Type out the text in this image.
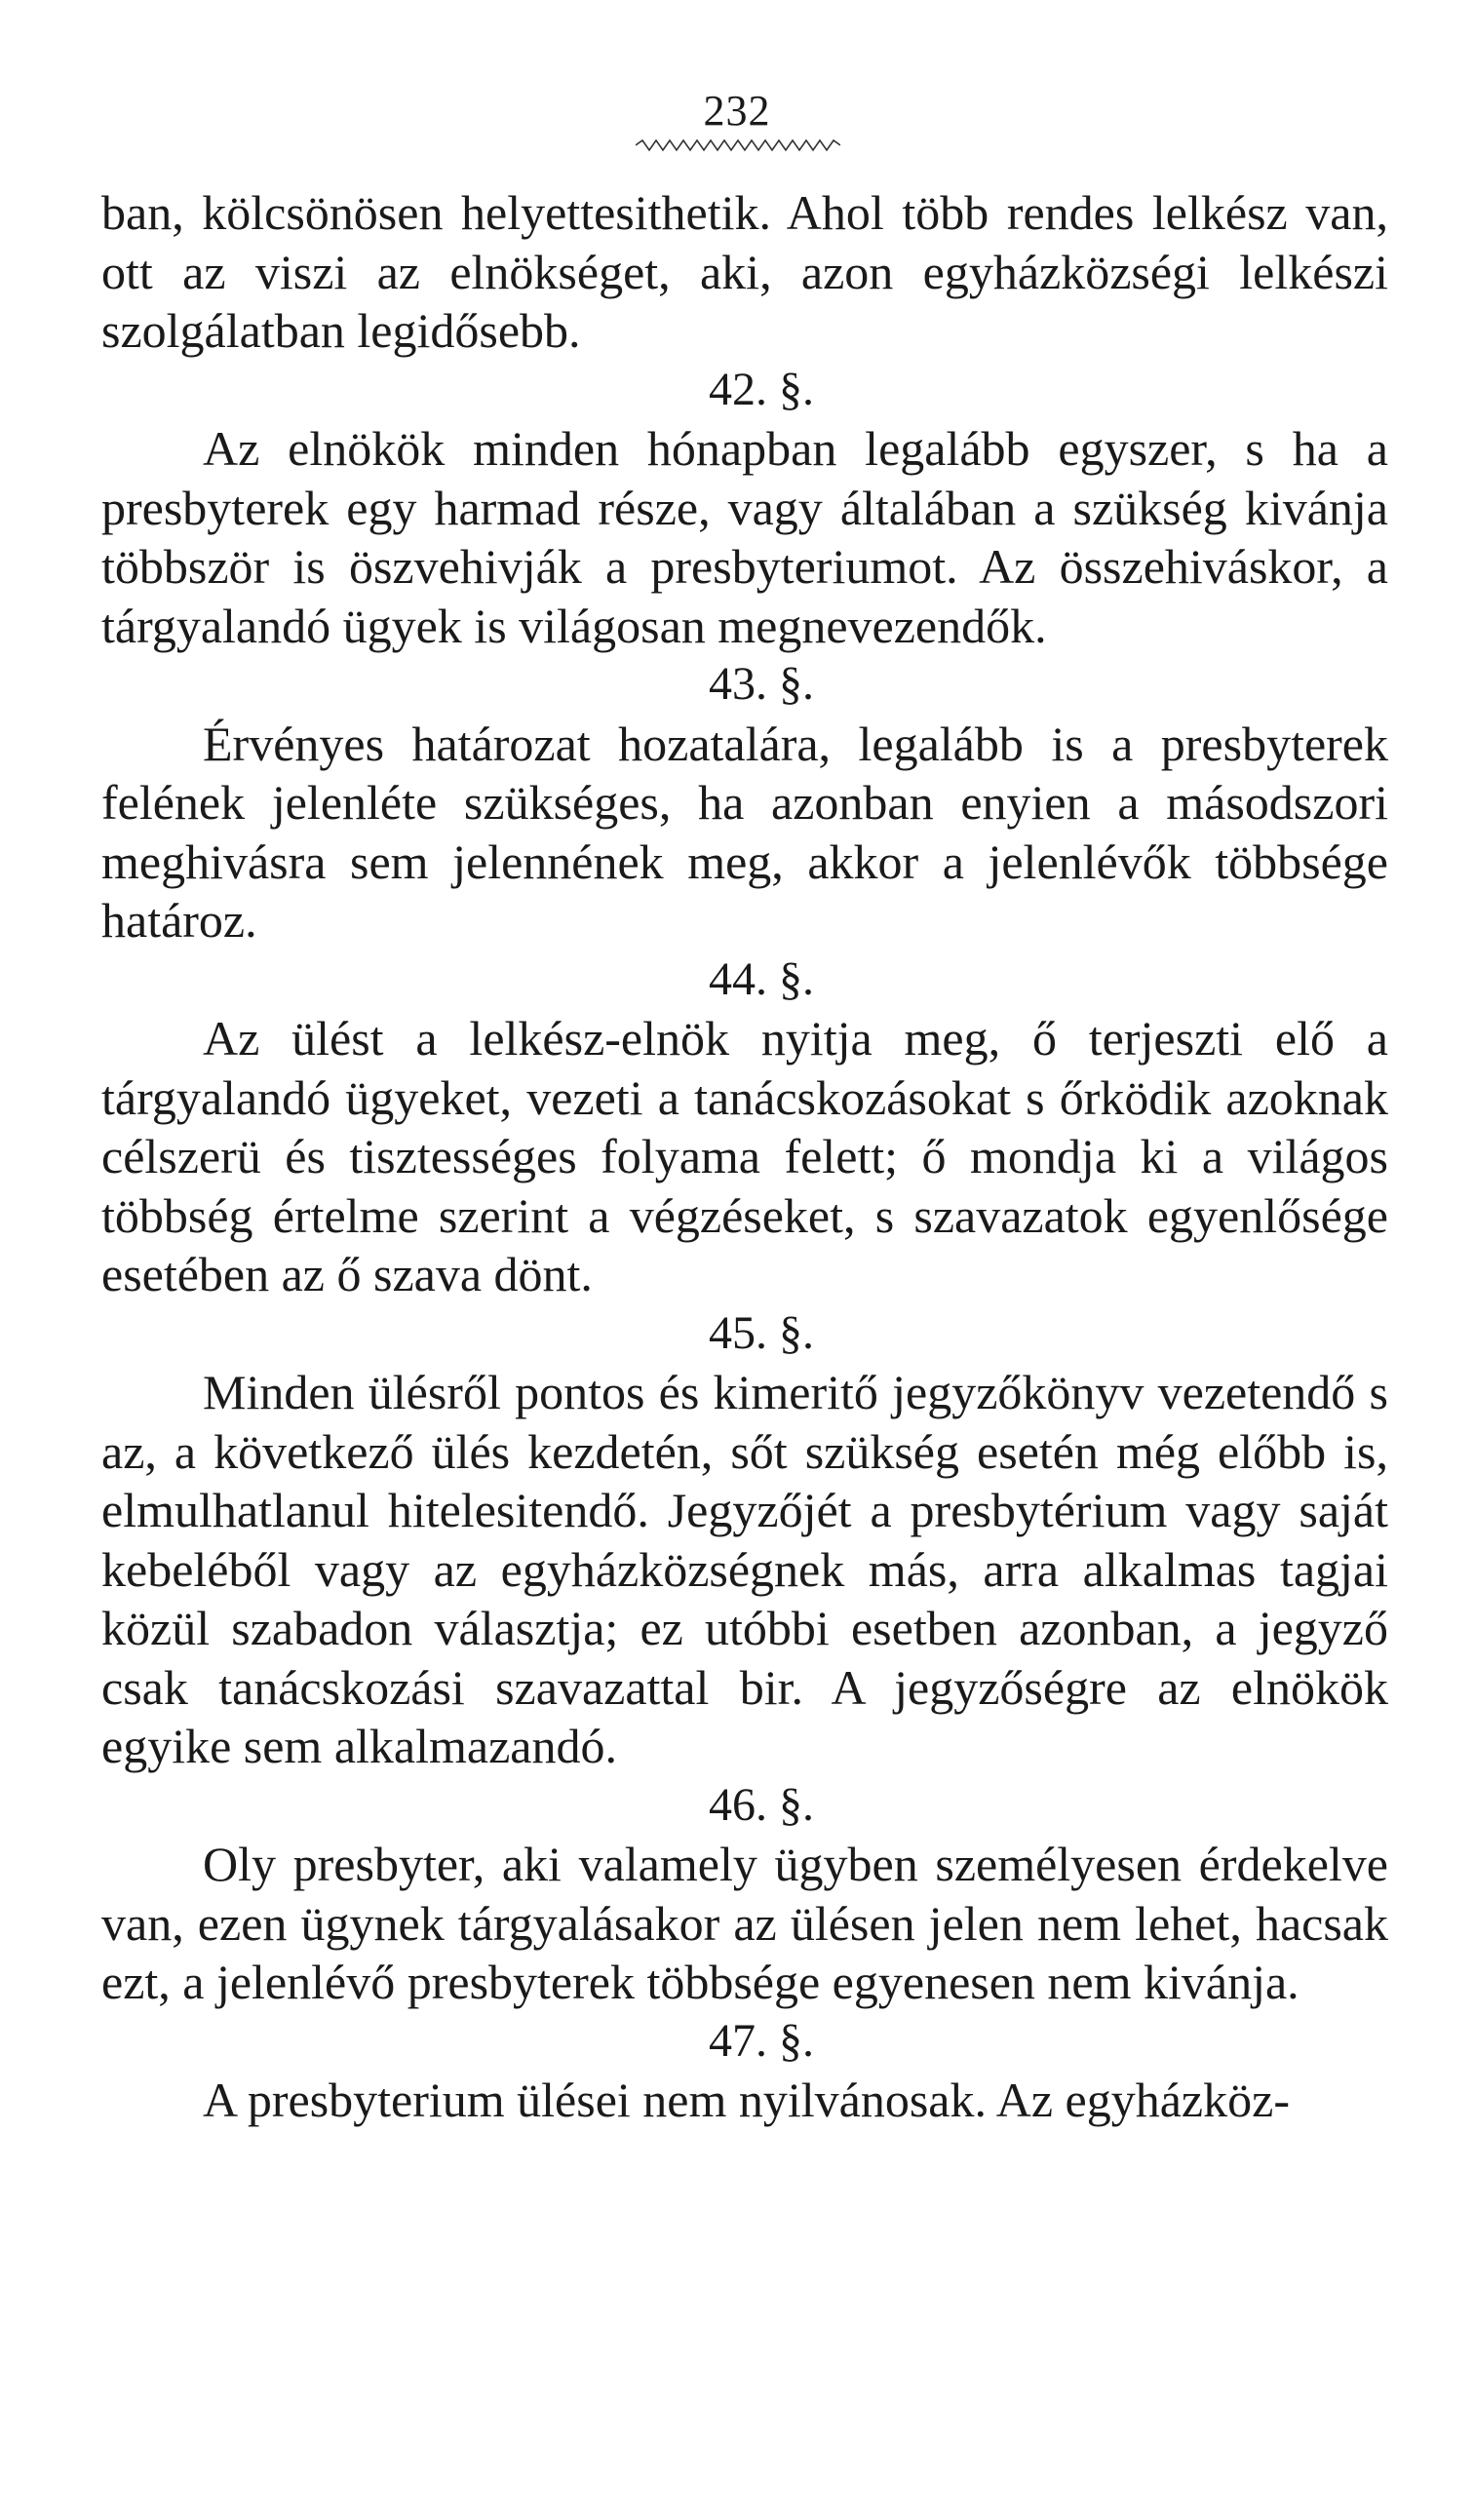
232

ban, kölcsönösen helyettesithetik. Ahol több rendes lelkész van, ott az viszi az elnökséget, aki, azon egyházközségi lelkészi szolgálatban legidősebb.

42. §.

Az elnökök minden hónapban legalább egyszer, s ha a presbyterek egy harmad része, vagy általában a szükség kivánja többször is öszvehivják a presbyteriumot. Az összehiváskor, a tárgyalandó ügyek is világosan megnevezendők.

43. §.

Érvényes határozat hozatalára, legalább is a presbyterek felének jelenléte szükséges, ha azonban enyien a másodszori meghivásra sem jelennének meg, akkor a jelenlévők többsége határoz.

44. §.

Az ülést a lelkész-elnök nyitja meg, ő terjeszti elő a tárgyalandó ügyeket, vezeti a tanácskozásokat s őrködik azoknak célszerü és tisztességes folyama felett; ő mondja ki a világos többség értelme szerint a végzéseket, s szavazatok egyenlősége esetében az ő szava dönt.

45. §.

Minden ülésről pontos és kimeritő jegyzőkönyv vezetendő s az, a következő ülés kezdetén, sőt szükség esetén még előbb is, elmulhatlanul hitelesitendő. Jegyzőjét a presbytérium vagy saját kebeléből vagy az egyházközségnek más, arra alkalmas tagjai közül szabadon választja; ez utóbbi esetben azonban, a jegyző csak tanácskozási szavazattal bir. A jegyzőségre az elnökök egyike sem alkalmazandó.

46. §.

Oly presbyter, aki valamely ügyben személyesen érdekelve van, ezen ügynek tárgyalásakor az ülésen jelen nem lehet, hacsak ezt, a jelenlévő presbyterek többsége egyenesen nem kivánja.

47. §.

A presbyterium ülései nem nyilvánosak. Az egyházköz-
